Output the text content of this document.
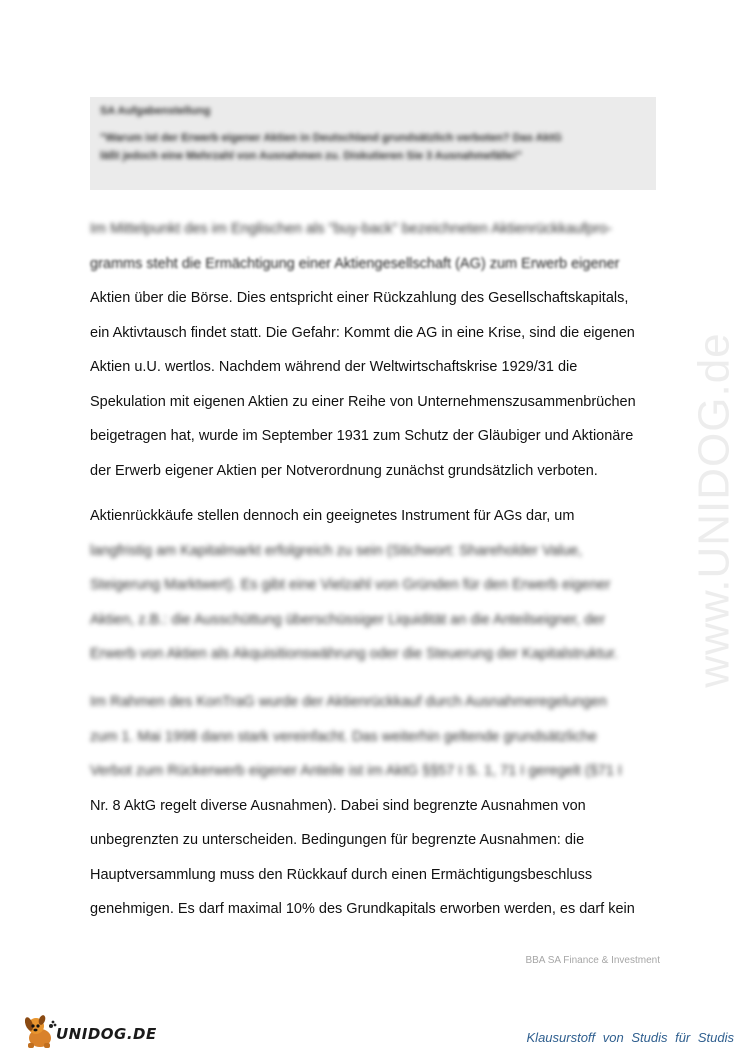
SA Aufgabenstellung
"Warum ist der Erwerb eigener Aktien in Deutschland grundsätzlich verboten? Das AktG
läßt jedoch eine Mehrzahl von Ausnahmen zu. Diskutieren Sie 3 Ausnahmefälle!"
Im Mittelpunkt des im Englischen als "buy-back" bezeichneten Aktienrückkaufpro-
gramms steht die Ermächtigung einer Aktiengesellschaft (AG) zum Erwerb eigener
Aktien über die Börse. Dies entspricht einer Rückzahlung des Gesellschaftskapitals,
ein Aktivtausch findet statt. Die Gefahr: Kommt die AG in eine Krise, sind die eigenen
Aktien u.U. wertlos. Nachdem während der Weltwirtschaftskrise 1929/31 die
Spekulation mit eigenen Aktien zu einer Reihe von Unternehmenszusammenbrüchen
beigetragen hat, wurde im September 1931 zum Schutz der Gläubiger und Aktionäre
der Erwerb eigener Aktien per Notverordnung zunächst grundsätzlich verboten.
Aktienrückkäufe stellen dennoch ein geeignetes Instrument für AGs dar, um
langfristig am Kapitalmarkt erfolgreich zu sein (Stichwort: Shareholder Value,
Steigerung Marktwert). Es gibt eine Vielzahl von Gründen für den Erwerb eigener
Aktien, z.B.: die Ausschüttung überschüssiger Liquidität an die Anteilseigner, der
Erwerb von Aktien als Akquisitionswährung oder die Steuerung der Kapitalstruktur.
Im Rahmen des KonTraG wurde der Aktienrückkauf durch Ausnahmeregelungen
zum 1. Mai 1998 dann stark vereinfacht. Das weiterhin geltende grundsätzliche
Verbot zum Rückerwerb eigener Anteile ist im AktG §§57 I S. 1, 71 I geregelt (§71 I
Nr. 8 AktG regelt diverse Ausnahmen). Dabei sind begrenzte Ausnahmen von
unbegrenzten zu unterscheiden. Bedingungen für begrenzte Ausnahmen: die
Hauptversammlung muss den Rückkauf durch einen Ermächtigungsbeschluss
genehmigen. Es darf maximal 10% des Grundkapitals erworben werden, es darf kein
www.UNIDOG.de
BBA SA Finance & Investment
UNIDOG.DE	Klausurstoff von Studis für Studis
